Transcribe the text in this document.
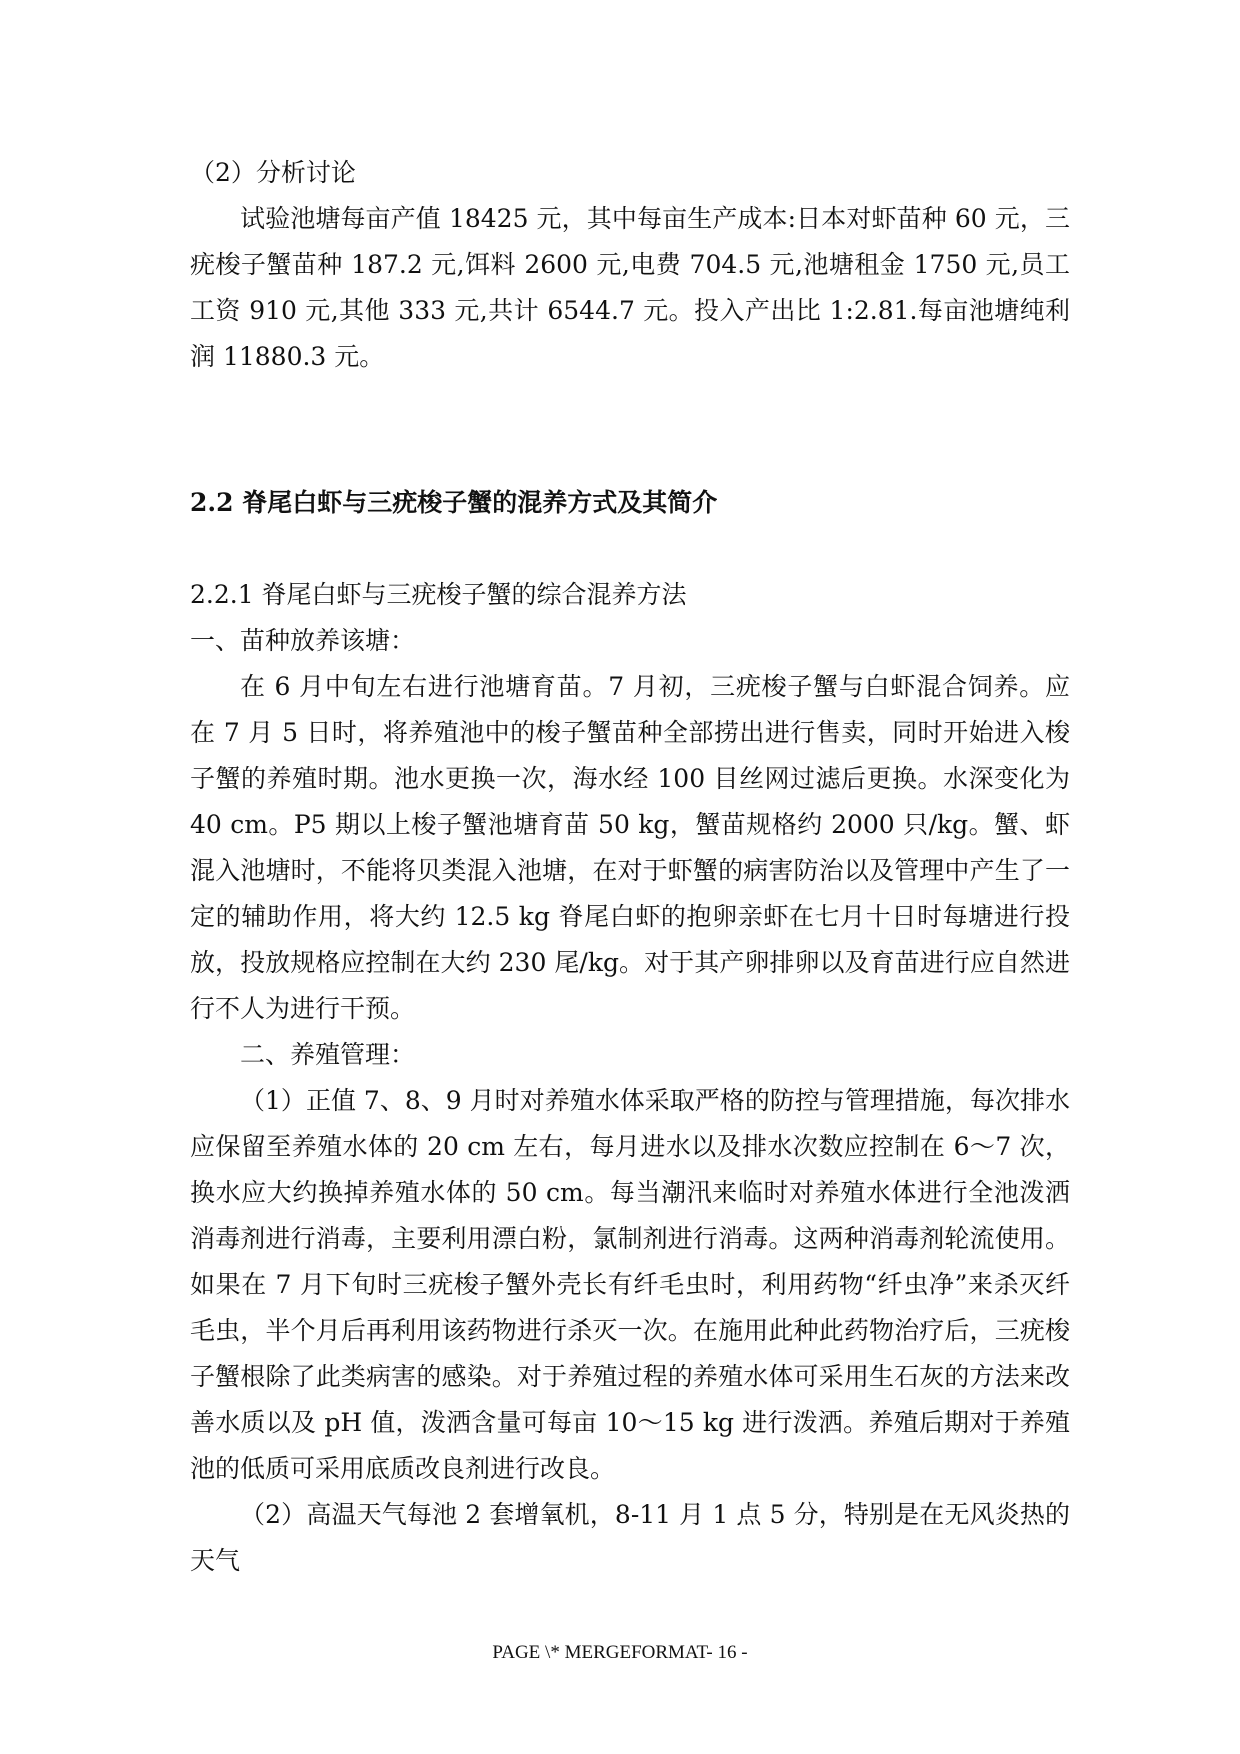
（2）分析讨论

试验池塘每亩产值 18425 元，其中每亩生产成本:日本对虾苗种 60 元，三疣梭子蟹苗种 187.2 元,饵料 2600 元,电费 704.5 元,池塘租金 1750 元,员工工资 910 元,其他 333 元,共计 6544.7 元。投入产出比 1:2.81.每亩池塘纯利润 11880.3 元。

2.2 脊尾白虾与三疣梭子蟹的混养方式及其简介

2.2.1 脊尾白虾与三疣梭子蟹的综合混养方法

一、苗种放养该塘：

在 6 月中旬左右进行池塘育苗。7 月初，三疣梭子蟹与白虾混合饲养。应在 7 月 5 日时，将养殖池中的梭子蟹苗种全部捞出进行售卖，同时开始进入梭子蟹的养殖时期。池水更换一次，海水经 100 目丝网过滤后更换。水深变化为 40 cm。P5 期以上梭子蟹池塘育苗 50 kg，蟹苗规格约 2000 只/kg。蟹、虾混入池塘时，不能将贝类混入池塘，在对于虾蟹的病害防治以及管理中产生了一定的辅助作用，将大约 12.5 kg 脊尾白虾的抱卵亲虾在七月十日时每塘进行投放，投放规格应控制在大约 230 尾/kg。对于其产卵排卵以及育苗进行应自然进行不人为进行干预。

二、养殖管理：

（1）正值 7、8、9 月时对养殖水体采取严格的防控与管理措施，每次排水应保留至养殖水体的 20 cm 左右，每月进水以及排水次数应控制在 6～7 次，换水应大约换掉养殖水体的 50 cm。每当潮汛来临时对养殖水体进行全池泼洒消毒剂进行消毒，主要利用漂白粉，氯制剂进行消毒。这两种消毒剂轮流使用。如果在 7 月下旬时三疣梭子蟹外壳长有纤毛虫时，利用药物“纤虫净”来杀灭纤毛虫，半个月后再利用该药物进行杀灭一次。在施用此种此药物治疗后，三疣梭子蟹根除了此类病害的感染。对于养殖过程的养殖水体可采用生石灰的方法来改善水质以及 pH 值，泼洒含量可每亩 10～15 kg 进行泼洒。养殖后期对于养殖池的低质可采用底质改良剂进行改良。

（2）高温天气每池 2 套增氧机，8-11 月 1 点 5 分，特别是在无风炎热的天气

PAGE \* MERGEFORMAT- 16 -
